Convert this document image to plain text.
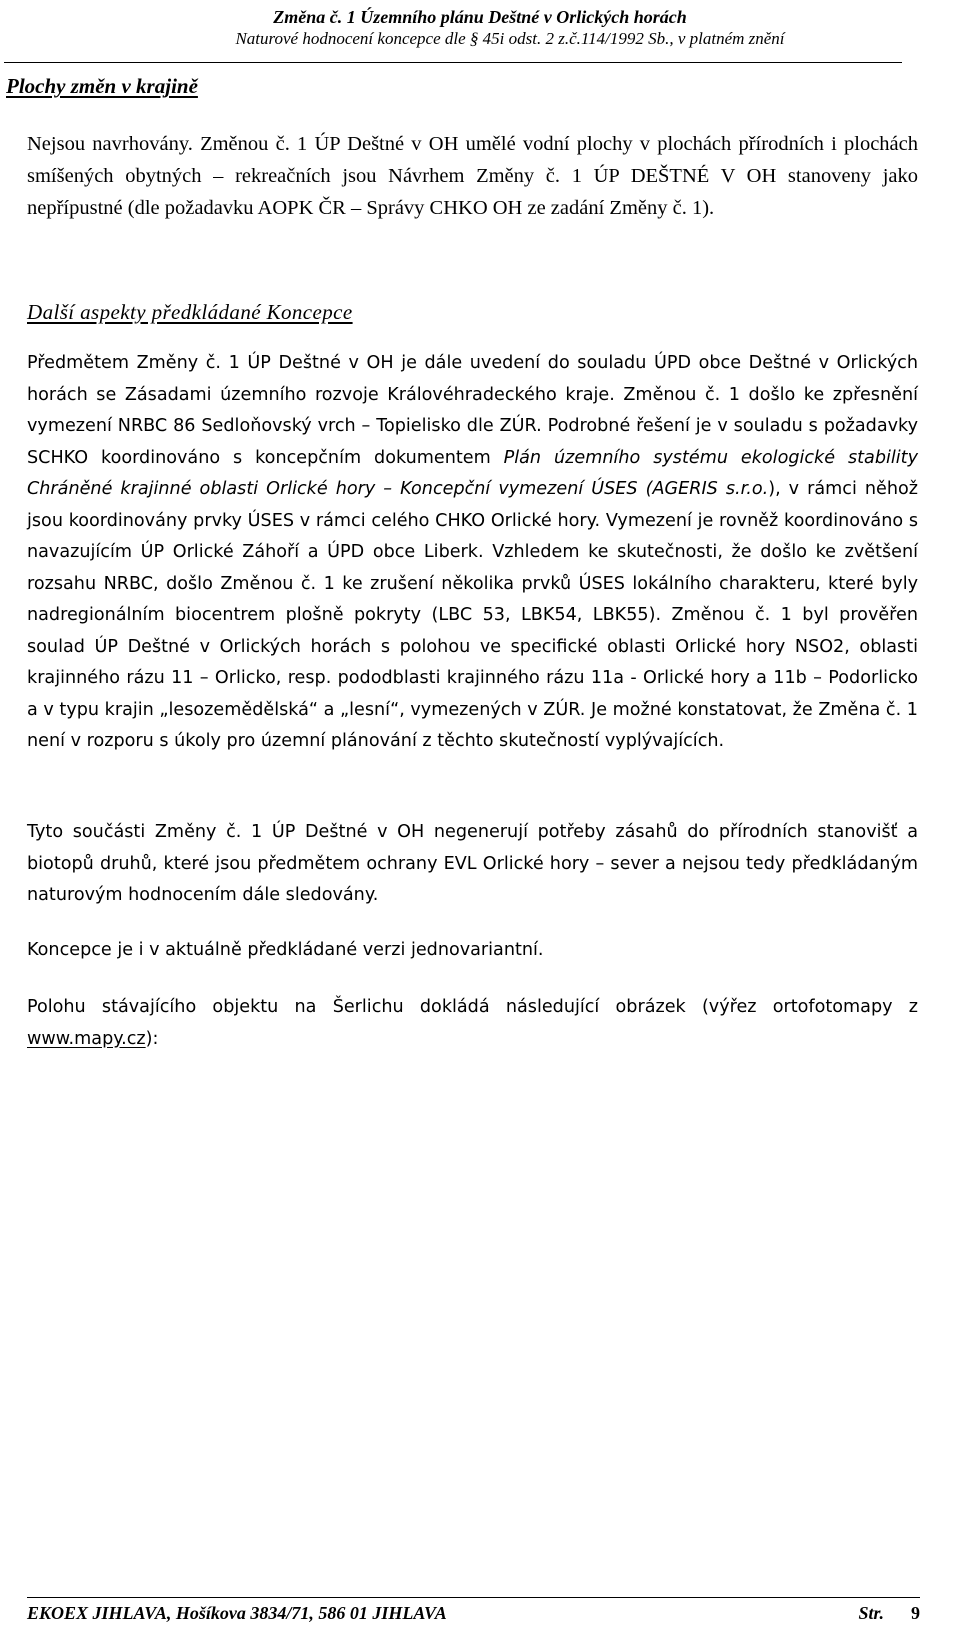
Změna č. 1 Územního plánu Deštné v Orlických horách
Naturové hodnocení koncepce dle § 45i odst. 2 z.č.114/1992 Sb., v platném znění
Plochy změn v krajině

Nejsou navrhovány. Změnou č. 1 ÚP Deštné v OH umělé vodní plochy v plochách přírodních i plochách smíšených obytných – rekreačních jsou Návrhem Změny č. 1 ÚP DEŠTNÉ V OH stanoveny jako nepřípustné (dle požadavku AOPK ČR – Správy CHKO OH ze zadání Změny č. 1).

Další aspekty předkládané Koncepce

Předmětem Změny č. 1 ÚP Deštné v OH je dále uvedení do souladu ÚPD obce Deštné v Orlických horách se Zásadami územního rozvoje Královéhradeckého kraje. Změnou č. 1 došlo ke zpřesnění vymezení NRBC 86 Sedloňovský vrch – Topielisko dle ZÚR. Podrobné řešení je v souladu s požadavky SCHKO koordinováno s koncepčním dokumentem Plán územního systému ekologické stability Chráněné krajinné oblasti Orlické hory – Koncepční vymezení ÚSES (AGERIS s.r.o.), v rámci něhož jsou koordinovány prvky ÚSES v rámci celého CHKO Orlické hory. Vymezení je rovněž koordinováno s navazujícím ÚP Orlické Záhoří a ÚPD obce Liberk. Vzhledem ke skutečnosti, že došlo ke zvětšení rozsahu NRBC, došlo Změnou č. 1 ke zrušení několika prvků ÚSES lokálního charakteru, které byly nadregionálním biocentrem plošně pokryty (LBC 53, LBK54, LBK55). Změnou č. 1 byl prověřen soulad ÚP Deštné v Orlických horách s polohou ve specifické oblasti Orlické hory NSO2, oblasti krajinného rázu 11 – Orlicko, resp. pododblasti krajinného rázu 11a - Orlické hory a 11b – Podorlicko a v typu krajin „lesozemědělská“ a „lesní“, vymezených v ZÚR. Je možné konstatovat, že Změna č. 1 není v rozporu s úkoly pro územní plánování z těchto skutečností vyplývajících.

Tyto součásti Změny č. 1 ÚP Deštné v OH negenerují potřeby zásahů do přírodních stanovišť a biotopů druhů, které jsou předmětem ochrany EVL Orlické hory – sever a nejsou tedy předkládaným naturovým hodnocením dále sledovány.

Koncepce je i v aktuálně předkládané verzi jednovariantní.

Polohu stávajícího objektu na Šerlichu dokládá následující obrázek (výřez ortofotomapy z www.mapy.cz):

EKOEX JIHLAVA, Hošíkova 3834/71, 586 01 JIHLAVA	Str. 9
